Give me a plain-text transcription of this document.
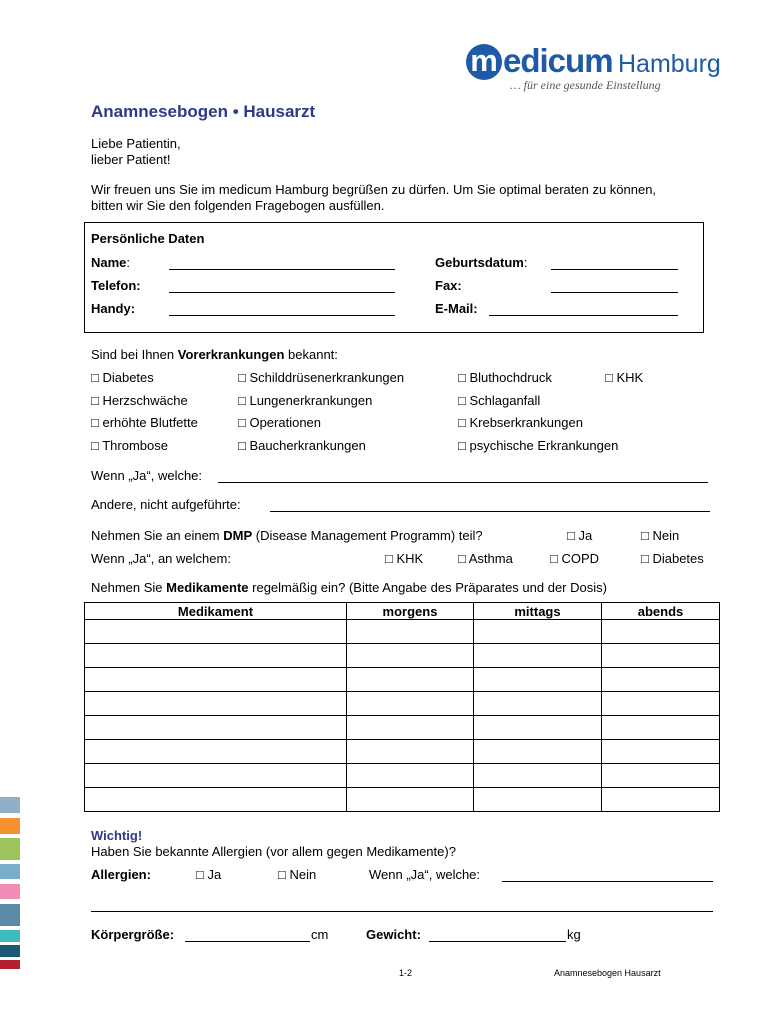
m edicum Hamburg
… für eine gesunde Einstellung
Anamnesebogen • Hausarzt
Liebe Patientin,
lieber Patient!
Wir freuen uns Sie im medicum Hamburg begrüßen zu dürfen. Um Sie optimal beraten zu können,
bitten wir Sie den folgenden Fragebogen ausfüllen.
Persönliche Daten
Name:	Geburtsdatum:
Telefon:	Fax:
Handy:	E-Mail:
Sind bei Ihnen Vorerkrankungen bekannt:
□ Diabetes	□ Schilddrüsenerkrankungen	□ Bluthochdruck	□ KHK
□ Herzschwäche	□ Lungenerkrankungen	□ Schlaganfall
□ erhöhte Blutfette	□ Operationen	□ Krebserkrankungen
□ Thrombose	□ Baucherkrankungen	□ psychische Erkrankungen
Wenn „Ja“, welche:
Andere, nicht aufgeführte:
Nehmen Sie an einem DMP (Disease Management Programm) teil?	□ Ja	□ Nein
Wenn „Ja“, an welchem:	□ KHK	□ Asthma	□ COPD	□ Diabetes
Nehmen Sie Medikamente regelmäßig ein? (Bitte Angabe des Präparates und der Dosis)
Medikament	morgens	mittags	abends

Wichtig!
Haben Sie bekannte Allergien (vor allem gegen Medikamente)?
Allergien:	□ Ja	□ Nein	Wenn „Ja“, welche:
Körpergröße:	cm	Gewicht:	kg
1-2	Anamnesebogen Hausarzt
